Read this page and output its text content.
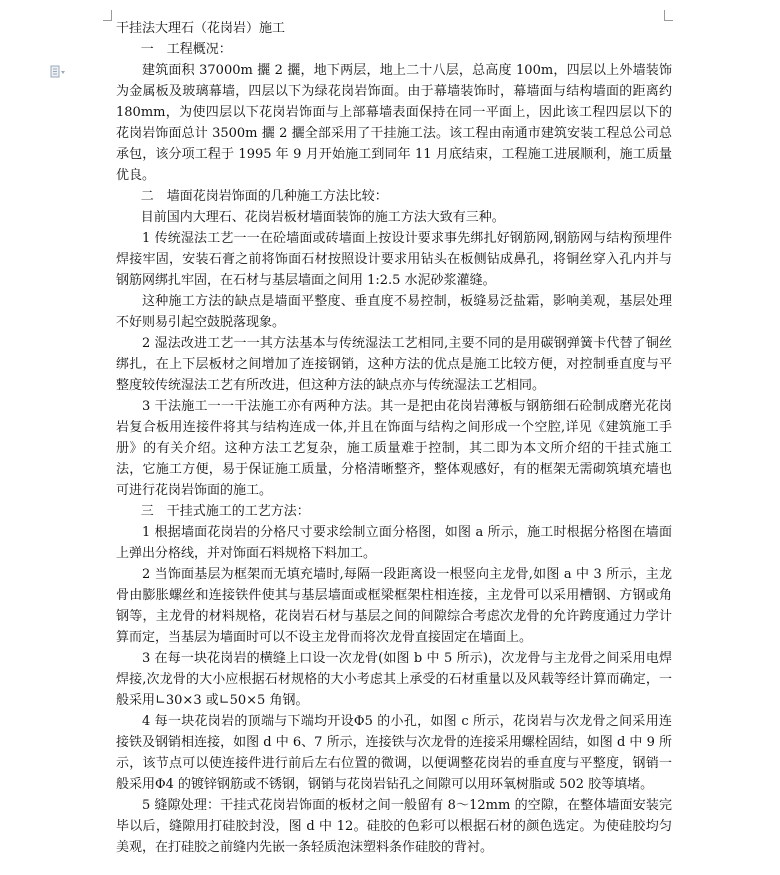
干挂法大理石（花岗岩）施工

一　工程概况：

建筑面积 37000m 攦 2 攦，地下两层，地上二十八层，总高度 100m，四层以上外墙装饰为金属板及玻璃幕墙，四层以下为绿花岗岩饰面。由于幕墙装饰时，幕墙面与结构墙面的距离约 180mm，为使四层以下花岗岩饰面与上部幕墙表面保持在同一平面上，因此该工程四层以下的花岗岩饰面总计 3500m 攦 2 攦全部采用了干挂施工法。该工程由南通市建筑安装工程总公司总承包，该分项工程于 1995 年 9 月开始施工到同年 11 月底结束，工程施工进展顺利，施工质量优良。

二　墙面花岗岩饰面的几种施工方法比较：

目前国内大理石、花岗岩板材墙面装饰的施工方法大致有三种。

1 传统湿法工艺一一在砼墙面或砖墙面上按设计要求事先绑扎好钢筋网,钢筋网与结构预埋件焊接牢固，安装石膏之前将饰面石材按照设计要求用钻头在板侧钻成鼻孔，将铜丝穿入孔内并与钢筋网绑扎牢固，在石材与基层墙面之间用 1:2.5 水泥砂浆灌缝。

这种施工方法的缺点是墙面平整度、垂直度不易控制，板缝易泛盐霜，影响美观，基层处理不好则易引起空鼓脱落现象。

2 湿法改进工艺一一其方法基本与传统湿法工艺相同,主要不同的是用碳钢弹簧卡代替了铜丝绑扎，在上下层板材之间增加了连接钢销，这种方法的优点是施工比较方便，对控制垂直度与平整度较传统湿法工艺有所改进，但这种方法的缺点亦与传统湿法工艺相同。

3 干法施工一一干法施工亦有两种方法。其一是把由花岗岩薄板与钢筋细石砼制成磨光花岗岩复合板用连接件将其与结构连成一体,并且在饰面与结构之间形成一个空腔,详见《建筑施工手册》的有关介绍。这种方法工艺复杂，施工质量难于控制，其二即为本文所介绍的干挂式施工法，它施工方便，易于保证施工质量，分格清晰整齐，整体观感好，有的框架无需砌筑填充墙也可进行花岗岩饰面的施工。

三　干挂式施工的工艺方法：

1 根据墙面花岗岩的分格尺寸要求绘制立面分格图，如图 a 所示，施工时根据分格图在墙面上弹出分格线，并对饰面石料规格下料加工。

2 当饰面基层为框架而无填充墙时,每隔一段距离设一根竖向主龙骨,如图 a 中 3 所示，主龙骨由膨胀螺丝和连接铁件使其与基层墙面或框梁框架柱相连接，主龙骨可以采用槽钢、方钢或角钢等，主龙骨的材料规格，花岗岩石材与基层之间的间隙综合考虑次龙骨的允许跨度通过力学计算而定，当基层为墙面时可以不设主龙骨而将次龙骨直接固定在墙面上。

3 在每一块花岗岩的横缝上口设一次龙骨(如图 b 中 5 所示)，次龙骨与主龙骨之间采用电焊焊接,次龙骨的大小应根据石材规格的大小考虑其上承受的石材重量以及风载等经计算而确定，一般采用∟30×3 或∟50×5 角钢。

4 每一块花岗岩的顶端与下端均开设Φ5 的小孔，如图 c 所示，花岗岩与次龙骨之间采用连接铁及钢销相连接，如图 d 中 6、7 所示，连接铁与次龙骨的连接采用螺栓固结，如图 d 中 9 所示，该节点可以使连接件进行前后左右位置的微调，以便调整花岗岩的垂直度与平整度，钢销一般采用Φ4 的镀锌钢筋或不锈钢，钢销与花岗岩钻孔之间隙可以用环氧树脂或 502 胶等填堵。

5 缝隙处理：干挂式花岗岩饰面的板材之间一般留有 8～12mm 的空隙，在整体墙面安装完毕以后，缝隙用打硅胶封没，图 d 中 12。硅胶的色彩可以根据石材的颜色选定。为使硅胶均匀美观，在打硅胶之前缝内先嵌一条轻质泡沫塑料条作硅胶的背衬。
